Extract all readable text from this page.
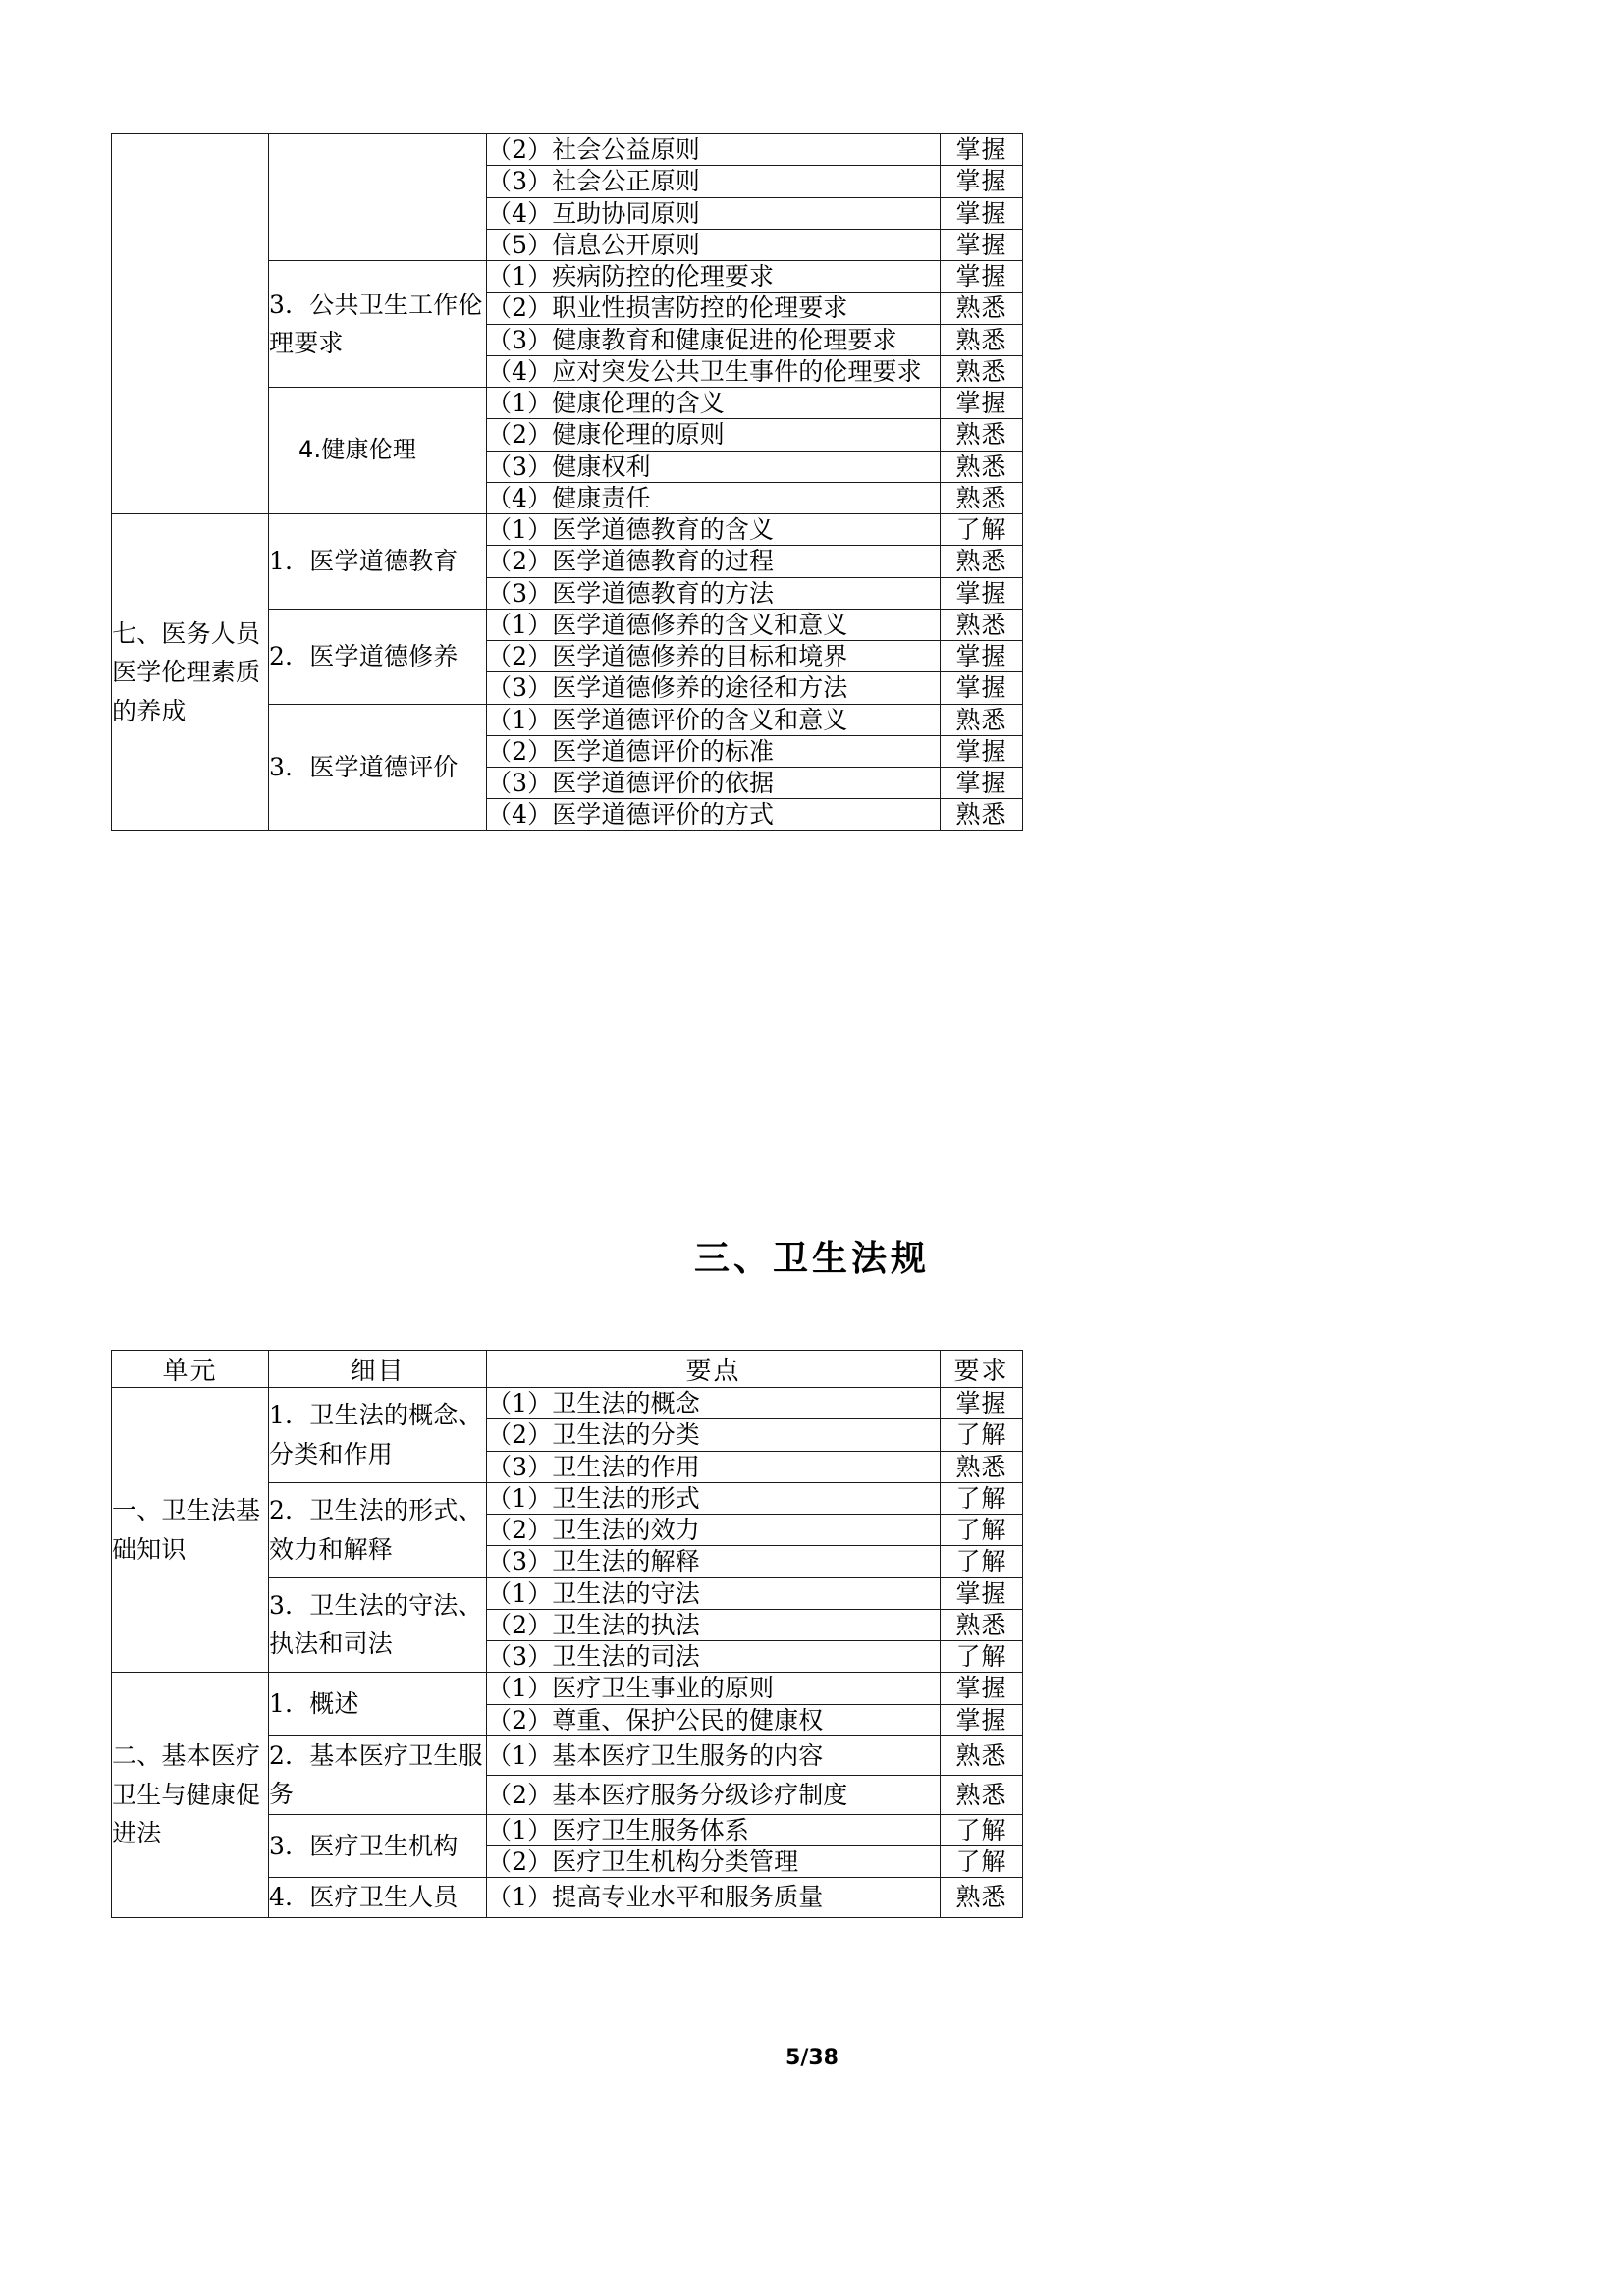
		（2）社会公益原则	掌握
		（3）社会公正原则	掌握
		（4）互助协同原则	掌握
		（5）信息公开原则	掌握
	3．公共卫生工作伦理要求	（1）疾病防控的伦理要求	掌握
		（2）职业性损害防控的伦理要求	熟悉
		（3）健康教育和健康促进的伦理要求	熟悉
		（4）应对突发公共卫生事件的伦理要求	熟悉
	4.健康伦理	（1）健康伦理的含义	掌握
		（2）健康伦理的原则	熟悉
		（3）健康权利	熟悉
		（4）健康责任	熟悉
七、医务人员医学伦理素质的养成	1．医学道德教育	（1）医学道德教育的含义	了解
		（2）医学道德教育的过程	熟悉
		（3）医学道德教育的方法	掌握
	2．医学道德修养	（1）医学道德修养的含义和意义	熟悉
		（2）医学道德修养的目标和境界	掌握
		（3）医学道德修养的途径和方法	掌握
	3．医学道德评价	（1）医学道德评价的含义和意义	熟悉
		（2）医学道德评价的标准	掌握
		（3）医学道德评价的依据	掌握
		（4）医学道德评价的方式	熟悉
三、卫生法规
单元	细目	要点	要求
一、卫生法基础知识	1．卫生法的概念、分类和作用	（1）卫生法的概念	掌握
		（2）卫生法的分类	了解
		（3）卫生法的作用	熟悉
	2．卫生法的形式、效力和解释	（1）卫生法的形式	了解
		（2）卫生法的效力	了解
		（3）卫生法的解释	了解
	3．卫生法的守法、执法和司法	（1）卫生法的守法	掌握
		（2）卫生法的执法	熟悉
		（3）卫生法的司法	了解
二、基本医疗卫生与健康促进法	1．概述	（1）医疗卫生事业的原则	掌握
		（2）尊重、保护公民的健康权	掌握
	2．基本医疗卫生服务	（1）基本医疗卫生服务的内容	熟悉
		（2）基本医疗服务分级诊疗制度	熟悉
	3．医疗卫生机构	（1）医疗卫生服务体系	了解
		（2）医疗卫生机构分类管理	了解
	4．医疗卫生人员	（1）提高专业水平和服务质量	熟悉
5/38
